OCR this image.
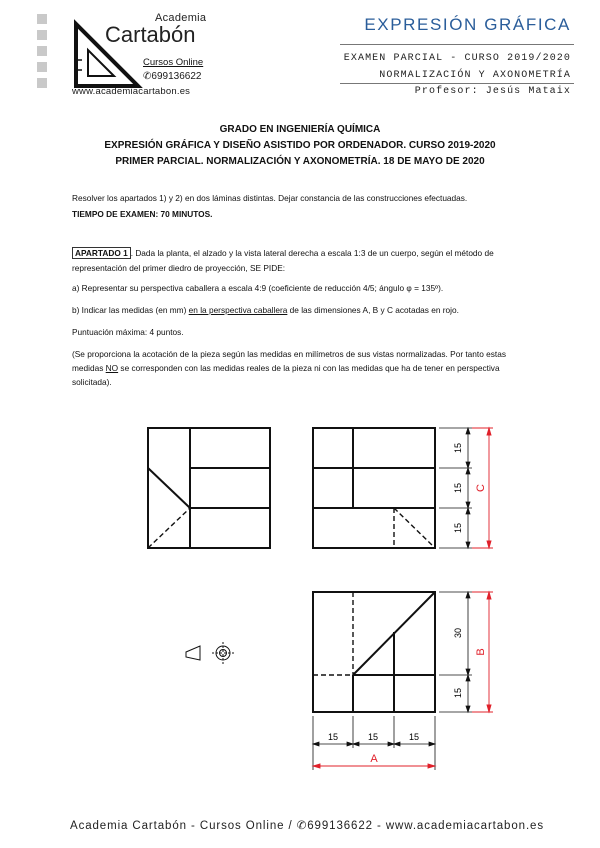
Academia
Cartabón
Cursos Online
✆699136622
www.academiacartabon.es
EXPRESIÓN GRÁFICA
EXAMEN PARCIAL - CURSO 2019/2020
NORMALIZACIÓN Y AXONOMETRÍA
Profesor: Jesús Mataix
GRADO EN INGENIERÍA QUÍMICA
EXPRESIÓN GRÁFICA Y DISEÑO ASISTIDO POR ORDENADOR. CURSO 2019-2020
PRIMER PARCIAL. NORMALIZACIÓN Y AXONOMETRÍA. 18 DE MAYO DE 2020
Resolver los apartados 1) y 2) en dos láminas distintas. Dejar constancia de las construcciones efectuadas.
TIEMPO DE EXAMEN: 70 MINUTOS.
APARTADO 1 . Dada la planta, el alzado y la vista lateral derecha a escala 1:3 de un cuerpo, según el método de
representación del primer diedro de proyección, SE PIDE:
a) Representar su perspectiva caballera a escala 4:9 (coeficiente de reducción 4/5; ángulo φ = 135º).
b) Indicar las medidas (en mm) en la perspectiva caballera de las dimensiones A, B y C acotadas en rojo.
Puntuación máxima: 4 puntos.
(Se proporciona la acotación de la pieza según las medidas en milímetros de sus vistas normalizadas. Por tanto estas
medidas NO se corresponden con las medidas reales de la pieza ni con las medidas que ha de tener en perspectiva
solicitada).
15
15
15
C
30
15
B
15	15	15
A
Academia Cartabón - Cursos Online / ✆699136622 - www.academiacartabon.es
